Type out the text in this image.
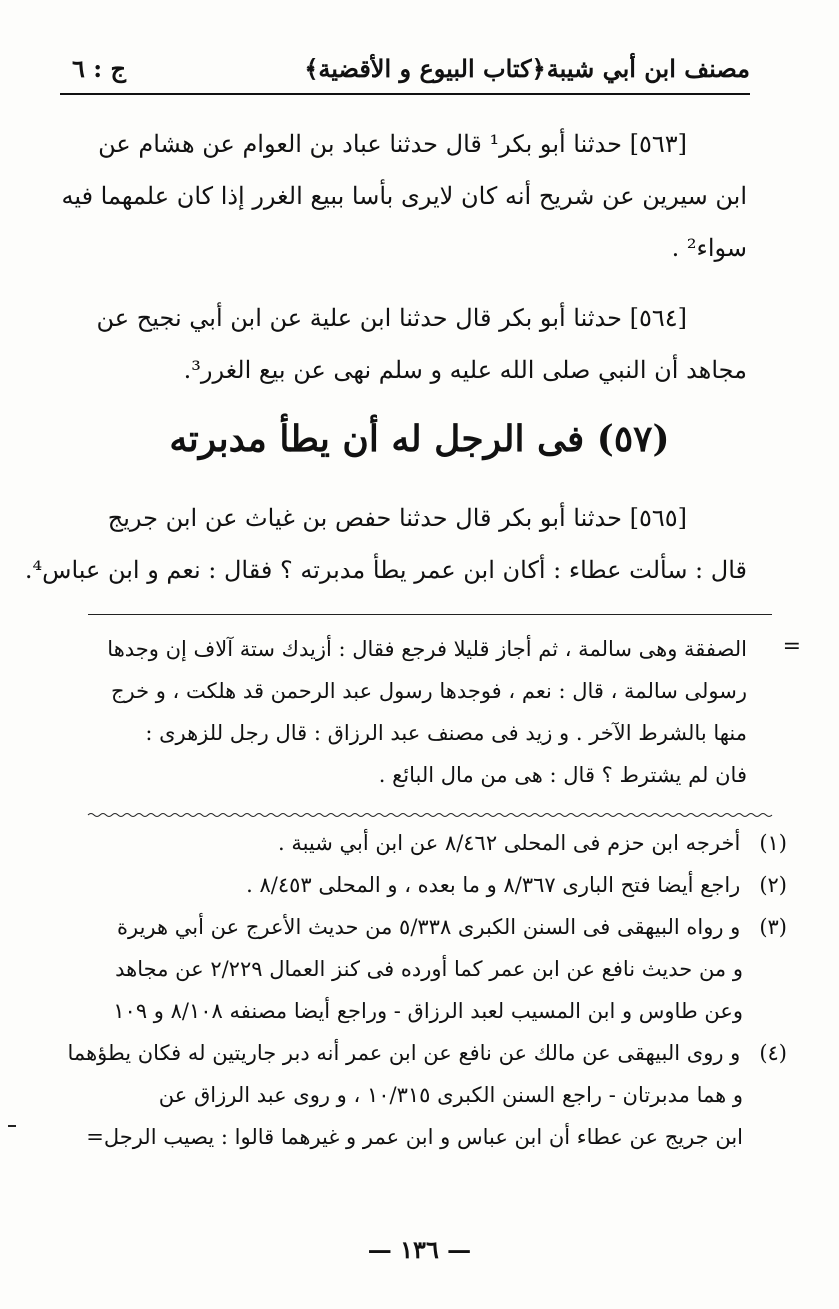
مصنف ابن أبي شيبة
﴿كتاب البيوع و الأقضية﴾
ج : ٦
[٥٦٣] حدثنا أبو بكر¹ قال حدثنا عباد بن العوام عن هشام عن
ابن سيرين عن شريح أنه كان لايرى بأسا ببيع الغرر إذا كان علمهما فيه
سواء² .
[٥٦٤] حدثنا أبو بكر قال حدثنا ابن علية عن ابن أبي نجيح عن
مجاهد أن النبي صلى الله عليه و سلم نهى عن بيع الغرر³.
(٥٧) فى الرجل له أن يطأ مدبرته
[٥٦٥] حدثنا أبو بكر قال حدثنا حفص بن غياث عن ابن جريج
قال : سألت عطاء : أكان ابن عمر يطأ مدبرته ؟ فقال : نعم و ابن عباس⁴.
=
الصفقة وهى سالمة ، ثم أجاز قليلا فرجع فقال : أزيدك ستة آلاف إن وجدها
رسولى سالمة ، قال : نعم ، فوجدها رسول عبد الرحمن قد هلكت ، و خرج
منها بالشرط الآخر . و زيد فى مصنف عبد الرزاق : قال رجل للزهرى :
فان لم يشترط ؟ قال : هى من مال البائع .
(١) أخرجه ابن حزم فى المحلى ٨/٤٦٢ عن ابن أبي شيبة .
(٢) راجع أيضا فتح البارى ٨/٣٦٧ و ما بعده ، و المحلى ٨/٤٥٣ .
(٣) و رواه البيهقى فى السنن الكبرى ٥/٣٣٨ من حديث الأعرج عن أبي هريرة
و من حديث نافع عن ابن عمر كما أورده فى كنز العمال ٢/٢٢٩ عن مجاهد
وعن طاوس و ابن المسيب لعبد الرزاق - وراجع أيضا مصنفه ٨/١٠٨ و ١٠٩
(٤) و روى البيهقى عن مالك عن نافع عن ابن عمر أنه دبر جاريتين له فكان يطؤهما
و هما مدبرتان - راجع السنن الكبرى ١٠/٣١٥ ، و روى عبد الرزاق عن
ابن جريج عن عطاء أن ابن عباس و ابن عمر و غيرهما قالوا : يصيب الرجل=
— ١٣٦ —
